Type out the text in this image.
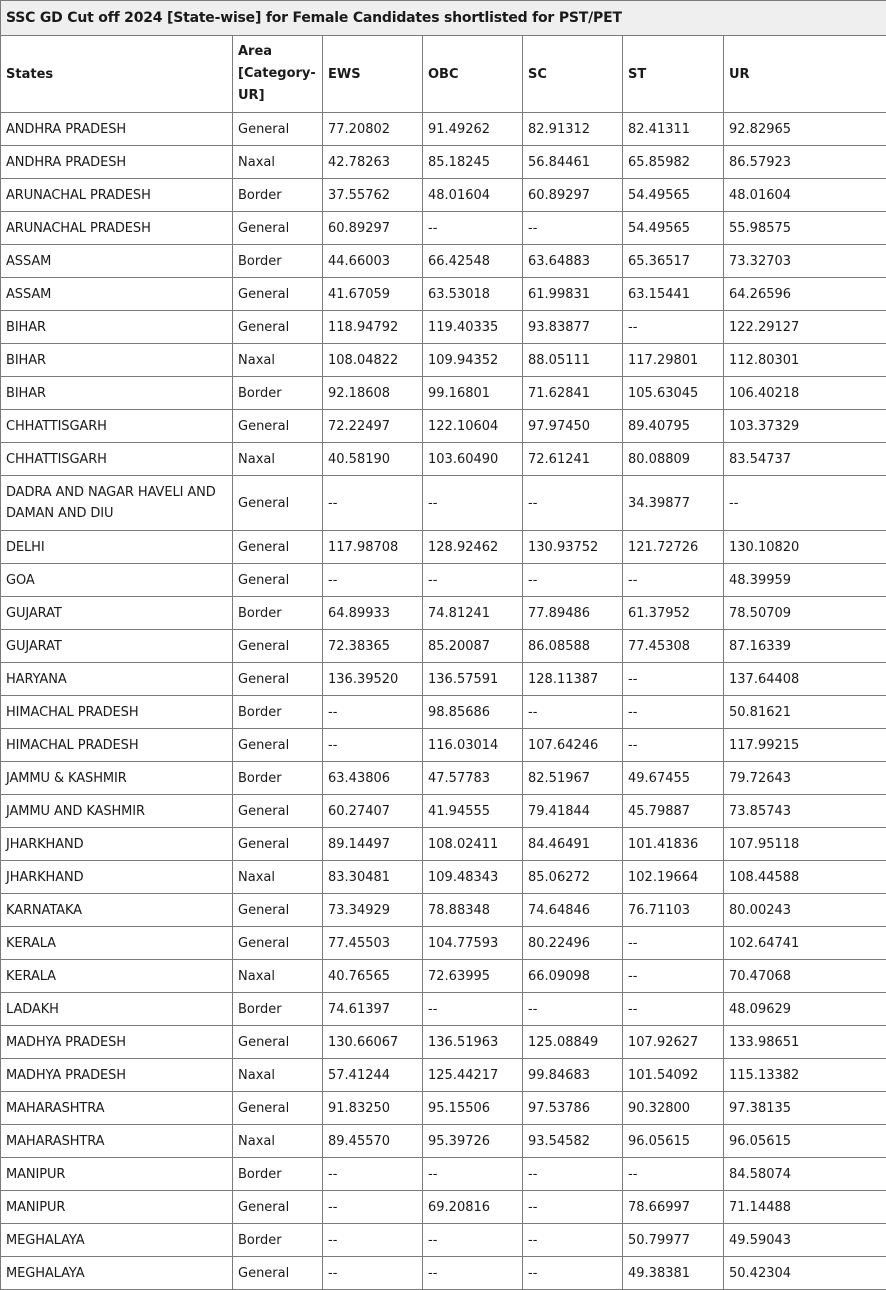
SSC GD Cut off 2024 [State-wise] for Female Candidates shortlisted for PST/PET						
States	Area [Category-UR]	EWS	OBC	SC	ST	UR
ANDHRA PRADESH	General	77.20802	91.49262	82.91312	82.41311	92.82965
ANDHRA PRADESH	Naxal	42.78263	85.18245	56.84461	65.85982	86.57923
ARUNACHAL PRADESH	Border	37.55762	48.01604	60.89297	54.49565	48.01604
ARUNACHAL PRADESH	General	60.89297	--	--	54.49565	55.98575
ASSAM	Border	44.66003	66.42548	63.64883	65.36517	73.32703
ASSAM	General	41.67059	63.53018	61.99831	63.15441	64.26596
BIHAR	General	118.94792	119.40335	93.83877	--	122.29127
BIHAR	Naxal	108.04822	109.94352	88.05111	117.29801	112.80301
BIHAR	Border	92.18608	99.16801	71.62841	105.63045	106.40218
CHHATTISGARH	General	72.22497	122.10604	97.97450	89.40795	103.37329
CHHATTISGARH	Naxal	40.58190	103.60490	72.61241	80.08809	83.54737
DADRA AND NAGAR HAVELI AND DAMAN AND DIU	General	--	--	--	34.39877	--
DELHI	General	117.98708	128.92462	130.93752	121.72726	130.10820
GOA	General	--	--	--	--	48.39959
GUJARAT	Border	64.89933	74.81241	77.89486	61.37952	78.50709
GUJARAT	General	72.38365	85.20087	86.08588	77.45308	87.16339
HARYANA	General	136.39520	136.57591	128.11387	--	137.64408
HIMACHAL PRADESH	Border	--	98.85686	--	--	50.81621
HIMACHAL PRADESH	General	--	116.03014	107.64246	--	117.99215
JAMMU & KASHMIR	Border	63.43806	47.57783	82.51967	49.67455	79.72643
JAMMU AND KASHMIR	General	60.27407	41.94555	79.41844	45.79887	73.85743
JHARKHAND	General	89.14497	108.02411	84.46491	101.41836	107.95118
JHARKHAND	Naxal	83.30481	109.48343	85.06272	102.19664	108.44588
KARNATAKA	General	73.34929	78.88348	74.64846	76.71103	80.00243
KERALA	General	77.45503	104.77593	80.22496	--	102.64741
KERALA	Naxal	40.76565	72.63995	66.09098	--	70.47068
LADAKH	Border	74.61397	--	--	--	48.09629
MADHYA PRADESH	General	130.66067	136.51963	125.08849	107.92627	133.98651
MADHYA PRADESH	Naxal	57.41244	125.44217	99.84683	101.54092	115.13382
MAHARASHTRA	General	91.83250	95.15506	97.53786	90.32800	97.38135
MAHARASHTRA	Naxal	89.45570	95.39726	93.54582	96.05615	96.05615
MANIPUR	Border	--	--	--	--	84.58074
MANIPUR	General	--	69.20816	--	78.66997	71.14488
MEGHALAYA	Border	--	--	--	50.79977	49.59043
MEGHALAYA	General	--	--	--	49.38381	50.42304
